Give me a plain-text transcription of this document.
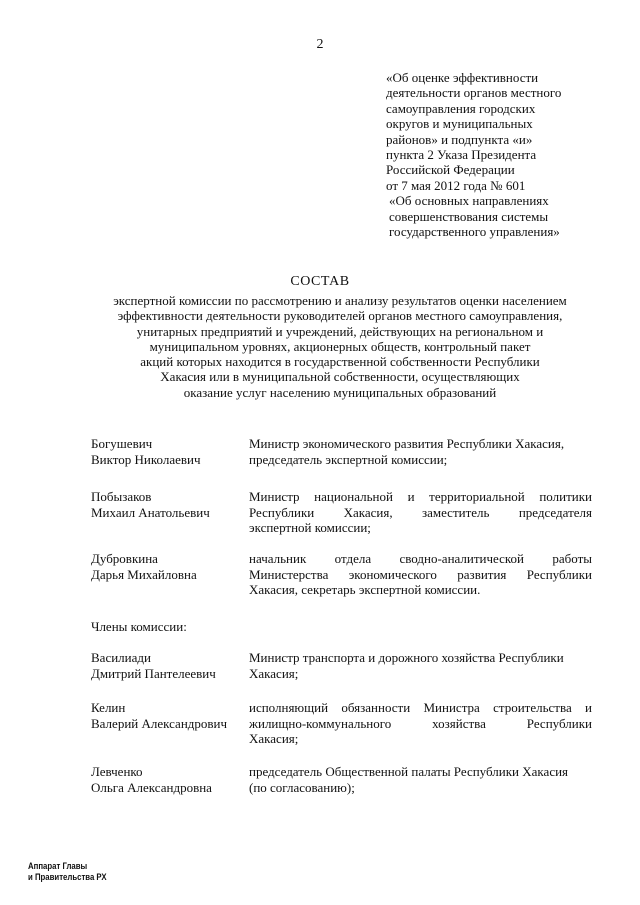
2
«Об оценке эффективности
деятельности органов местного
самоуправления городских
округов и муниципальных
районов» и подпункта «и»
пункта 2 Указа Президента
Российской Федерации
от 7 мая 2012 года № 601
«Об основных направлениях
совершенствования системы
государственного управления»
СОСТАВ
экспертной комиссии по рассмотрению и анализу результатов оценки населением
эффективности деятельности руководителей органов местного самоуправления,
унитарных предприятий и учреждений, действующих на региональном и
муниципальном уровнях, акционерных обществ, контрольный пакет
акций которых находится в государственной собственности Республики
Хакасия или в муниципальной собственности, осуществляющих
оказание услуг населению муниципальных образований
Богушевич
Виктор Николаевич
Министр экономического развития Республики Хакасия,
председатель экспертной комиссии;
Побызаков
Михаил Анатольевич
Министр национальной и территориальной политики
Республики Хакасия, заместитель председателя
экспертной комиссии;
Дубровкина
Дарья Михайловна
начальник отдела сводно-аналитической работы
Министерства экономического развития Республики
Хакасия, секретарь экспертной комиссии.
Члены комиссии:
Василиади
Дмитрий Пантелеевич
Министр транспорта и дорожного хозяйства Республики
Хакасия;
Келин
Валерий Александрович
исполняющий обязанности Министра строительства и
жилищно-коммунального хозяйства Республики
Хакасия;
Левченко
Ольга Александровна
председатель Общественной палаты Республики Хакасия
(по согласованию);
Аппарат Главы
и Правительства РХ
